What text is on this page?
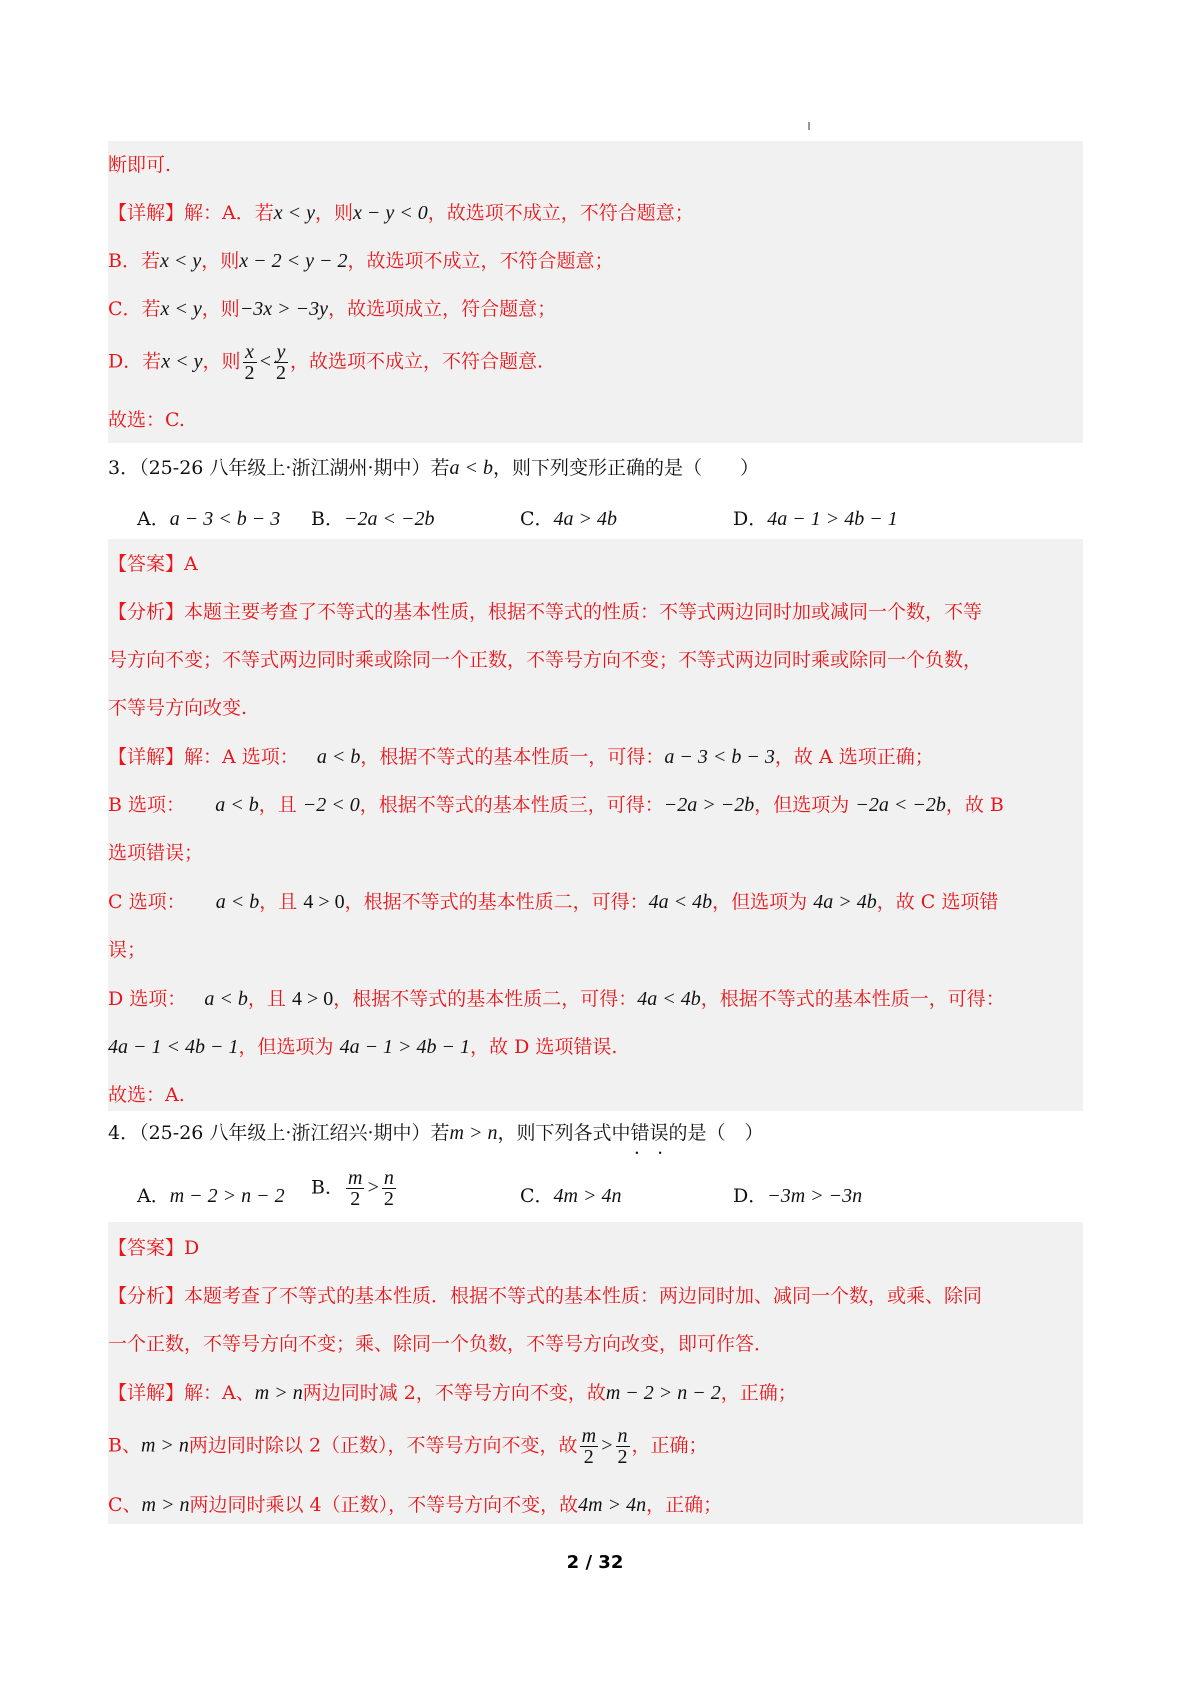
断即可.
【详解】解：A．若x < y，则x − y < 0，故选项不成立，不符合题意；
B．若x < y，则x − 2 < y − 2，故选项不成立，不符合题意；
C．若x < y，则−3x > −3y，故选项成立，符合题意；
D．若x < y，则 $\frac{x}{2} < \frac{y}{2}$ ，故选项不成立，不符合题意.
故选：C.
3．（25-26 八年级上·浙江湖州·期中）若a < b，则下列变形正确的是（　　）
A．a − 3 < b − 3 B．−2a < −2b	C．4a > 4b	D．4a − 1 > 4b − 1
【答案】A
【分析】本题主要考查了不等式的基本性质，根据不等式的性质：不等式两边同时加或减同一个数，不等
号方向不变；不等式两边同时乘或除同一个正数，不等号方向不变；不等式两边同时乘或除同一个负数，
不等号方向改变.
【详解】解：A 选项： a < b，根据不等式的基本性质一，可得：a − 3 < b − 3，故 A 选项正确；
B 选项： a < b，且 −2 < 0，根据不等式的基本性质三，可得：−2a > −2b，但选项为 −2a < −2b，故 B
选项错误；
C 选项： a < b，且 4 > 0，根据不等式的基本性质二，可得：4a < 4b，但选项为 4a > 4b，故 C 选项错
误；
D 选项： a < b，且 4 > 0，根据不等式的基本性质二，可得：4a < 4b，根据不等式的基本性质一，可得：
4a − 1 < 4b − 1，但选项为 4a − 1 > 4b − 1，故 D 选项错误.
故选：A.
4．（25-26 八年级上·浙江绍兴·期中）若m > n，则下列各式中错误 • •的是（　）
A．m − 2 > n − 2 B． $\frac{m}{2} > \frac{n}{2}$	C．4m > 4n	D．−3m > −3n
【答案】D
【分析】本题考查了不等式的基本性质．根据不等式的基本性质：两边同时加、减同一个数，或乘、除同
一个正数，不等号方向不变；乘、除同一个负数，不等号方向改变，即可作答．
【详解】解：A、m > n两边同时减 2，不等号方向不变，故m − 2 > n − 2，正确；
B、m > n两边同时除以 2（正数），不等号方向不变，故 $\frac{m}{2} > \frac{n}{2}$ ，正确；
C、m > n两边同时乘以 4（正数），不等号方向不变，故4m > 4n，正确；
2 / 32
